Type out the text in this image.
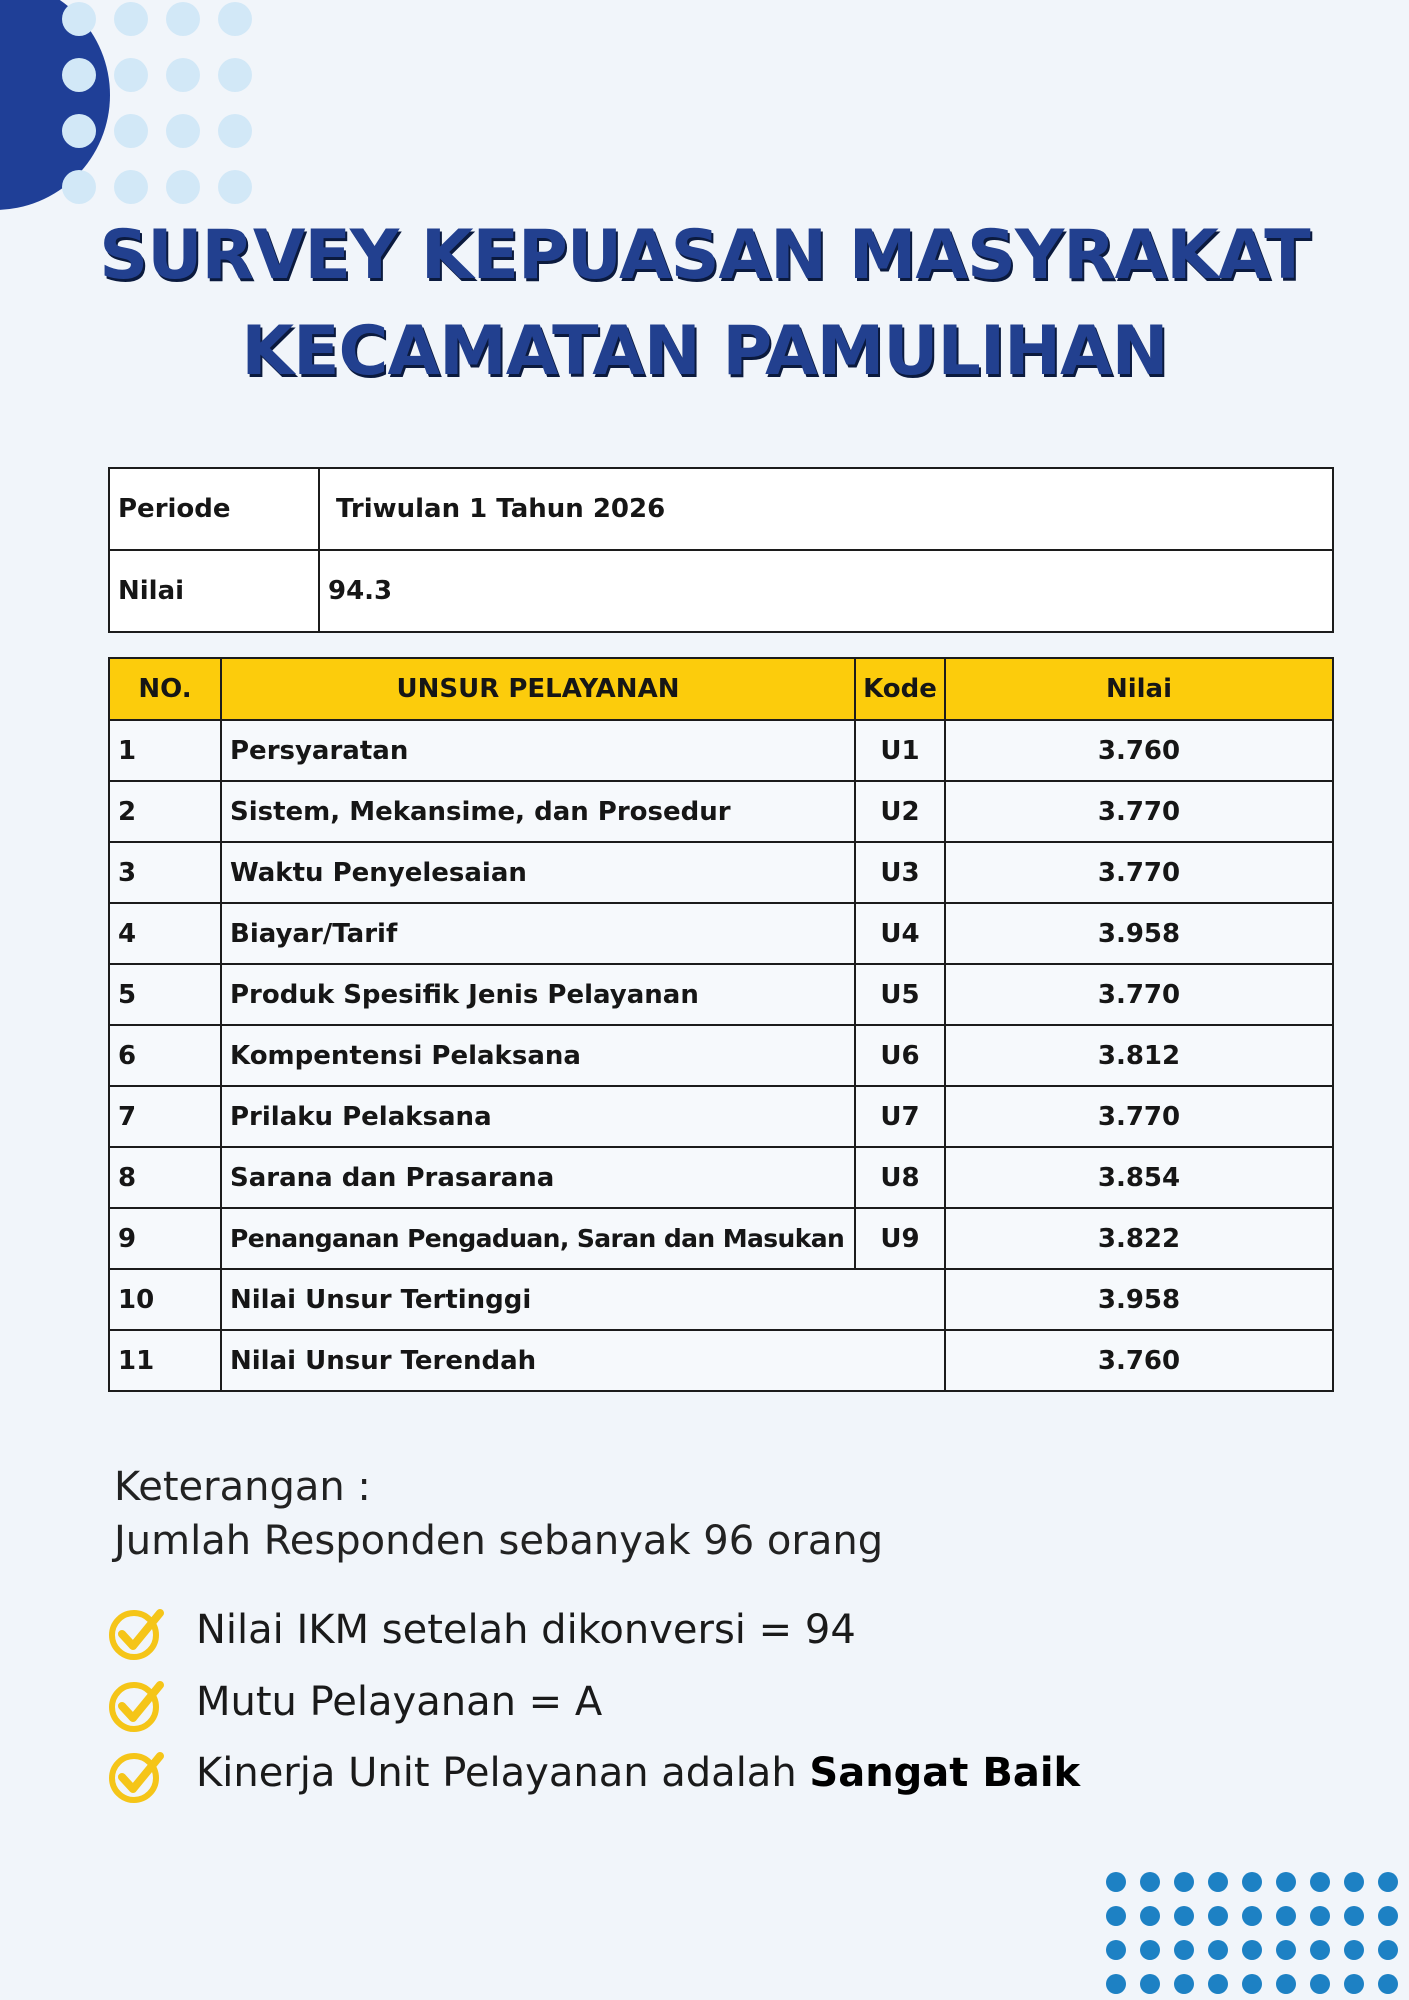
SURVEY KEPUASAN MASYRAKAT
KECAMATAN PAMULIHAN
Periode	Triwulan 1 Tahun 2026
Nilai	94.3
NO.	UNSUR PELAYANAN	Kode	Nilai
1	Persyaratan	U1	3.760
2	Sistem, Mekansime, dan Prosedur	U2	3.770
3	Waktu Penyelesaian	U3	3.770
4	Biayar/Tarif	U4	3.958
5	Produk Spesifik Jenis Pelayanan	U5	3.770
6	Kompentensi Pelaksana	U6	3.812
7	Prilaku Pelaksana	U7	3.770
8	Sarana dan Prasarana	U8	3.854
9	Penanganan Pengaduan, Saran dan Masukan	U9	3.822
10	Nilai Unsur Tertinggi		3.958
11	Nilai Unsur Terendah		3.760
Keterangan :
Jumlah Responden sebanyak 96 orang
Nilai IKM setelah dikonversi = 94
Mutu Pelayanan = A
Kinerja Unit Pelayanan adalah Sangat Baik
